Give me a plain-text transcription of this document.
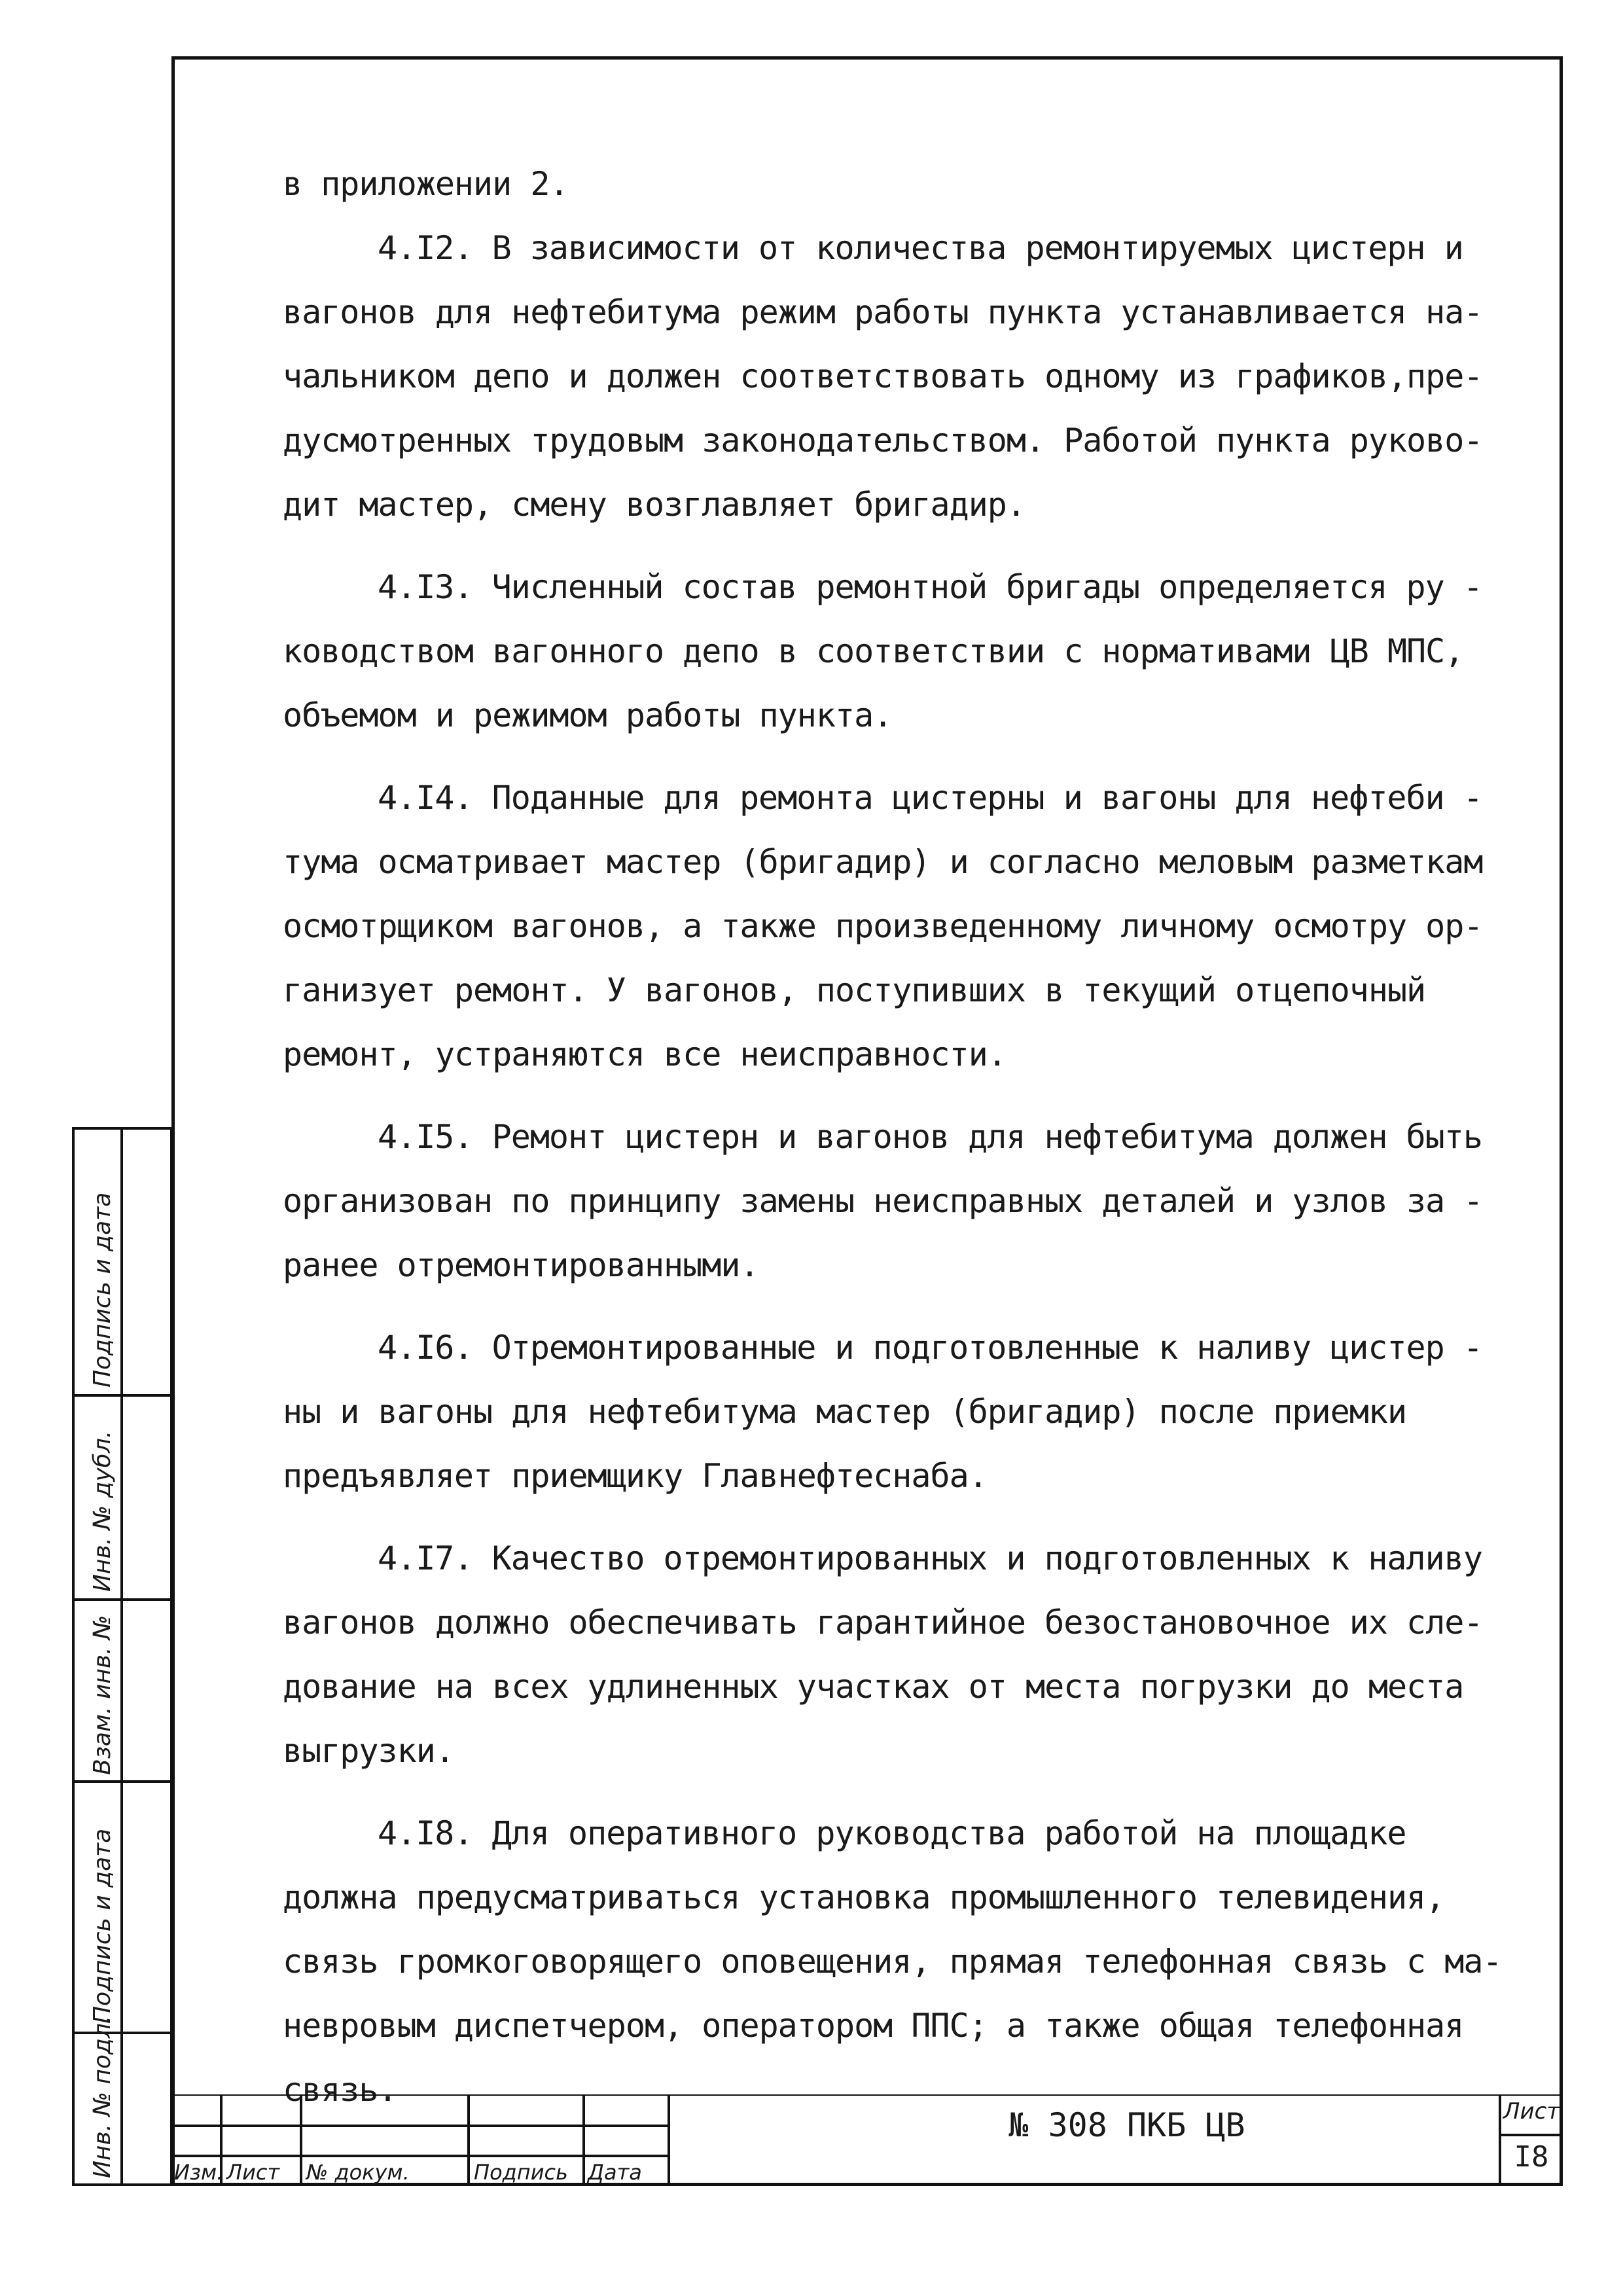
в приложении 2.

4.I2. В зависимости от количества ремонтируемых цистерн и
вагонов для нефтебитума режим работы пункта устанавливается на-
чальником депо и должен соответствовать одному из графиков,пре-
дусмотренных трудовым законодательством. Работой пункта руково-
дит мастер, смену возглавляет бригадир.

4.I3. Численный состав ремонтной бригады определяется ру -
ководством вагонного депо в соответствии с нормативами ЦВ МПС,
объемом и режимом работы пункта.

4.I4. Поданные для ремонта цистерны и вагоны для нефтеби -
тума осматривает мастер (бригадир) и согласно меловым разметкам
осмотрщиком вагонов, а также произведенному личному осмотру ор-
ганизует ремонт. У вагонов, поступивших в текущий отцепочный
ремонт, устраняются все неисправности.

4.I5. Ремонт цистерн и вагонов для нефтебитума должен быть
организован по принципу замены неисправных деталей и узлов за -
ранее отремонтированными.

4.I6. Отремонтированные и подготовленные к наливу цистер -
ны и вагоны для нефтебитума мастер (бригадир) после приемки
предъявляет приемщику Главнефтеснаба.

4.I7. Качество отремонтированных и подготовленных к наливу
вагонов должно обеспечивать гарантийное безостановочное их сле-
дование на всех удлиненных участках от места погрузки до места
выгрузки.

4.I8. Для оперативного руководства работой на площадке
должна предусматриваться установка промышленного телевидения,
связь громкоговорящего оповещения, прямая телефонная связь с ма-
невровым диспетчером, оператором ППС; а также общая телефонная
связь.

№ 308 ПКБ ЦВ
Изм. Лист № докум.	Подпись Дата
Лист
I8
Инв. № подл.
Подпись и дата
Взам. инв. №
Инв. № дубл.
Подпись и дата
